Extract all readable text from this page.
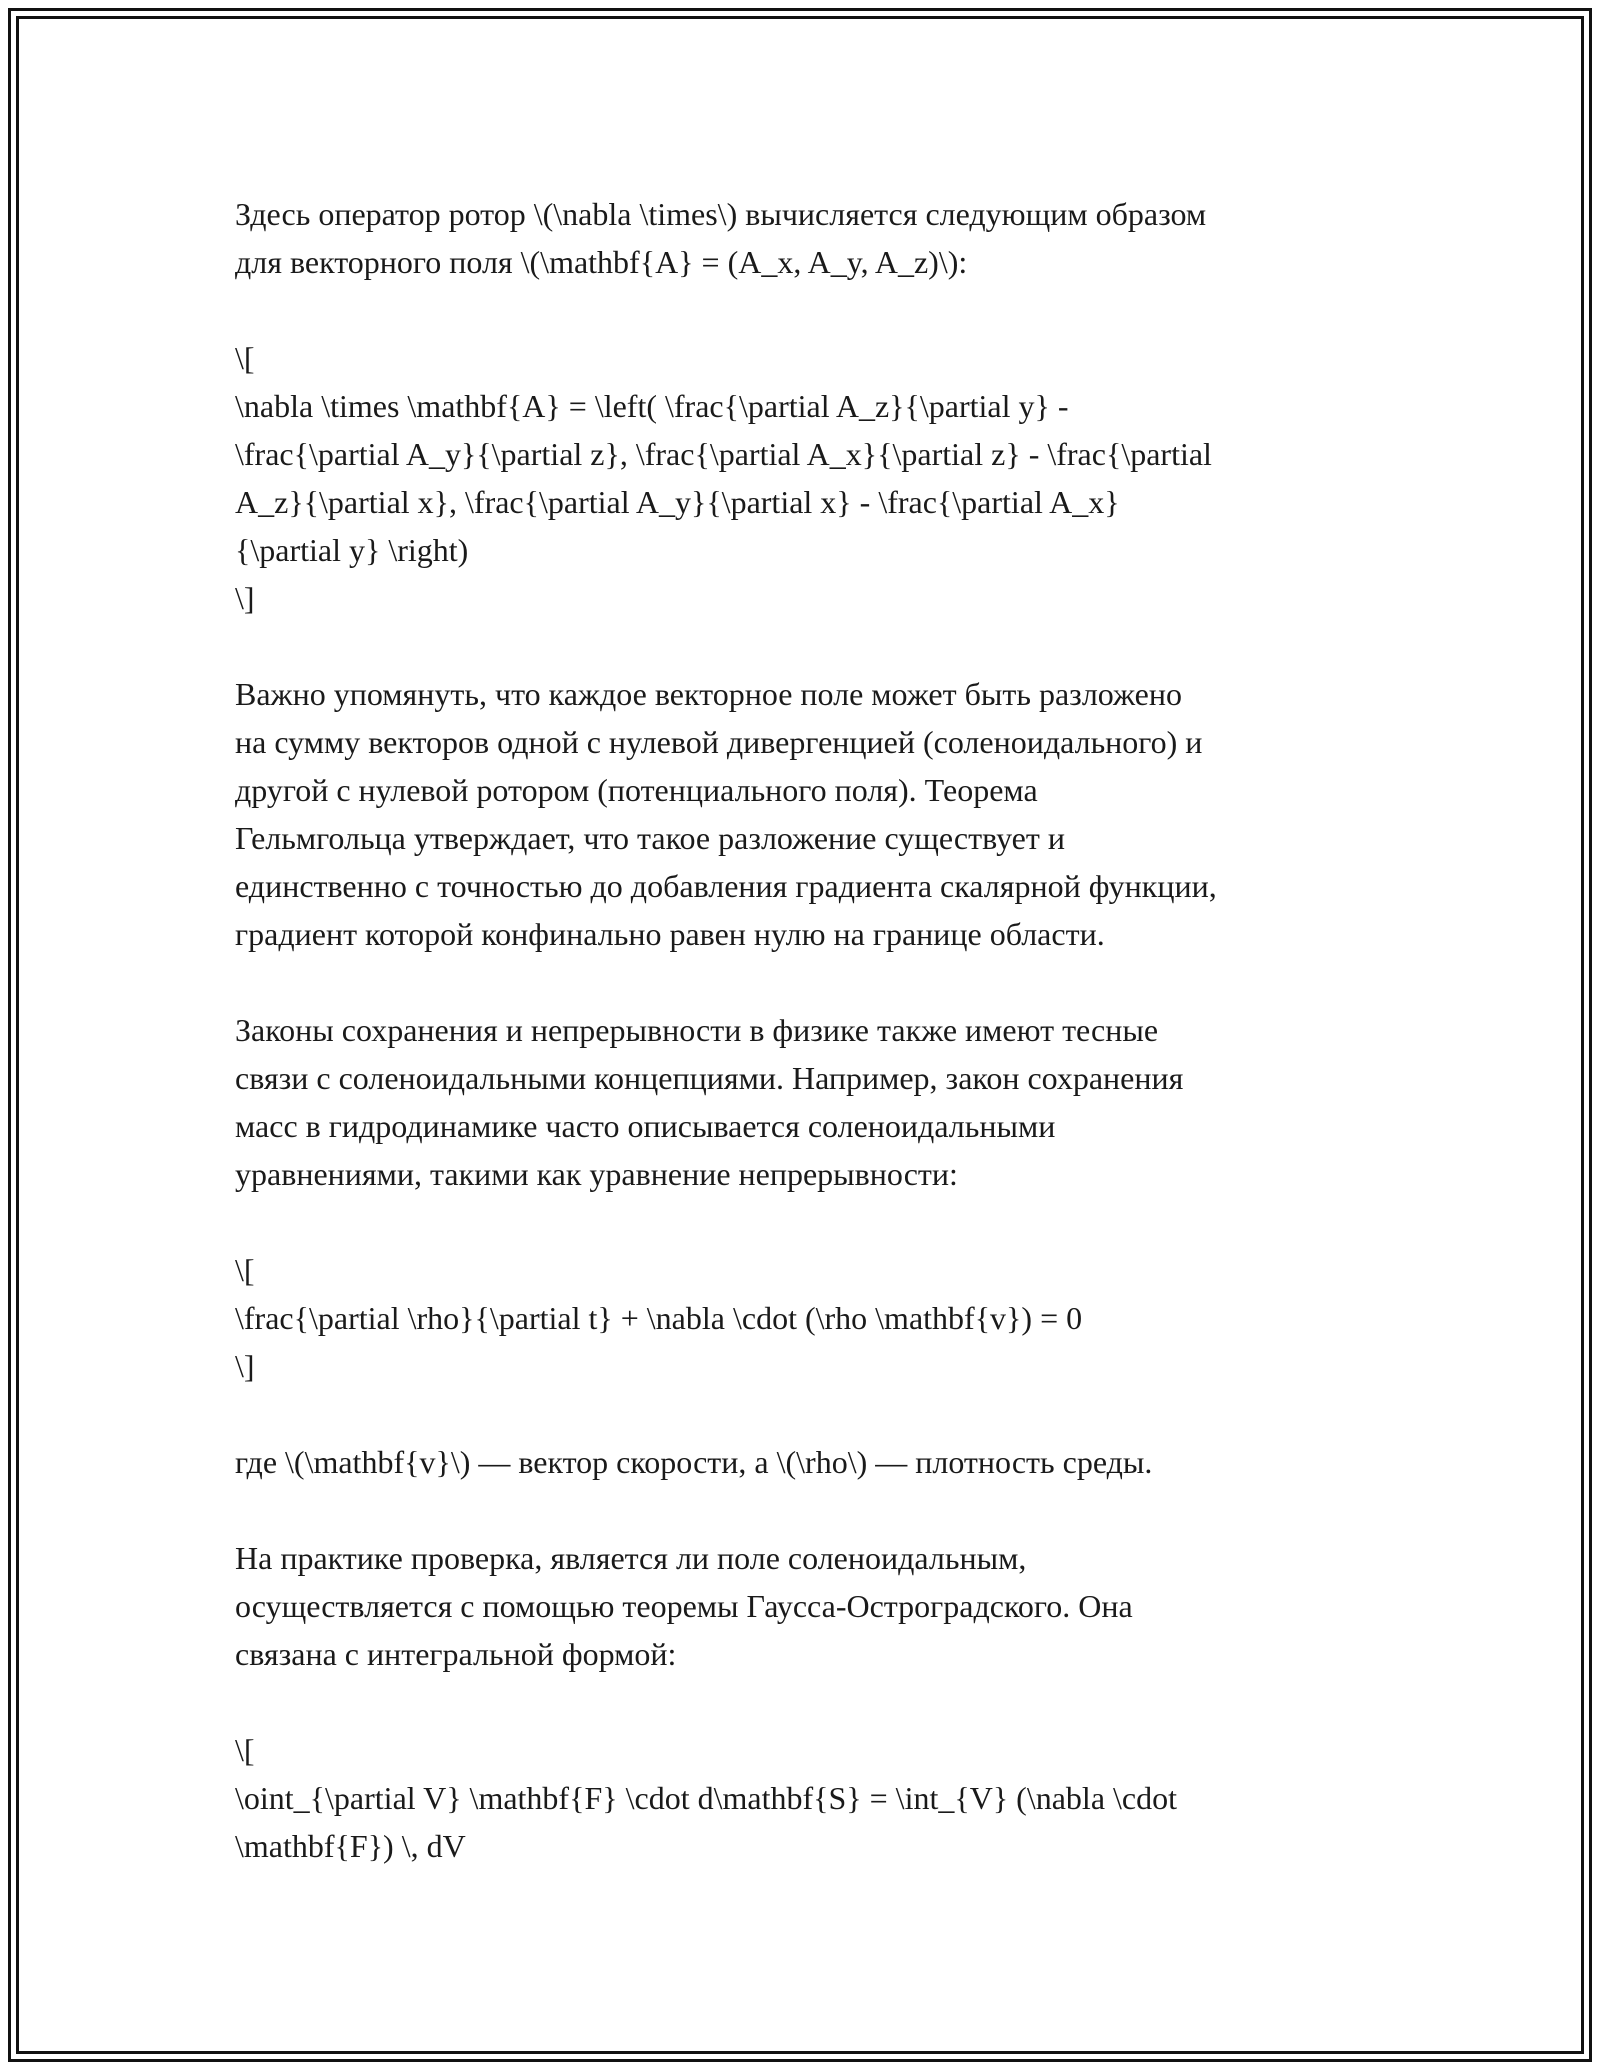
Здесь оператор ротор \(\nabla \times\) вычисляется следующим образом
для векторного поля \(\mathbf{A} = (A_x, A_y, A_z)\):

\[
\nabla \times \mathbf{A} = \left( \frac{\partial A_z}{\partial y} -
\frac{\partial A_y}{\partial z}, \frac{\partial A_x}{\partial z} - \frac{\partial
A_z}{\partial x}, \frac{\partial A_y}{\partial x} - \frac{\partial A_x}
{\partial y} \right)
\]

Важно упомянуть, что каждое векторное поле может быть разложено
на сумму векторов одной с нулевой дивергенцией (соленоидального) и
другой с нулевой ротором (потенциального поля). Теорема
Гельмгольца утверждает, что такое разложение существует и
единственно с точностью до добавления градиента скалярной функции,
градиент которой конфинально равен нулю на границе области.

Законы сохранения и непрерывности в физике также имеют тесные
связи с соленоидальными концепциями. Например, закон сохранения
масс в гидродинамике часто описывается соленоидальными
уравнениями, такими как уравнение непрерывности:

\[
\frac{\partial \rho}{\partial t} + \nabla \cdot (\rho \mathbf{v}) = 0
\]

где \(\mathbf{v}\) — вектор скорости, а \(\rho\) — плотность среды.

На практике проверка, является ли поле соленоидальным,
осуществляется с помощью теоремы Гаусса-Остроградского. Она
связана с интегральной формой:

\[
\oint_{\partial V} \mathbf{F} \cdot d\mathbf{S} = \int_{V} (\nabla \cdot
\mathbf{F}) \, dV
